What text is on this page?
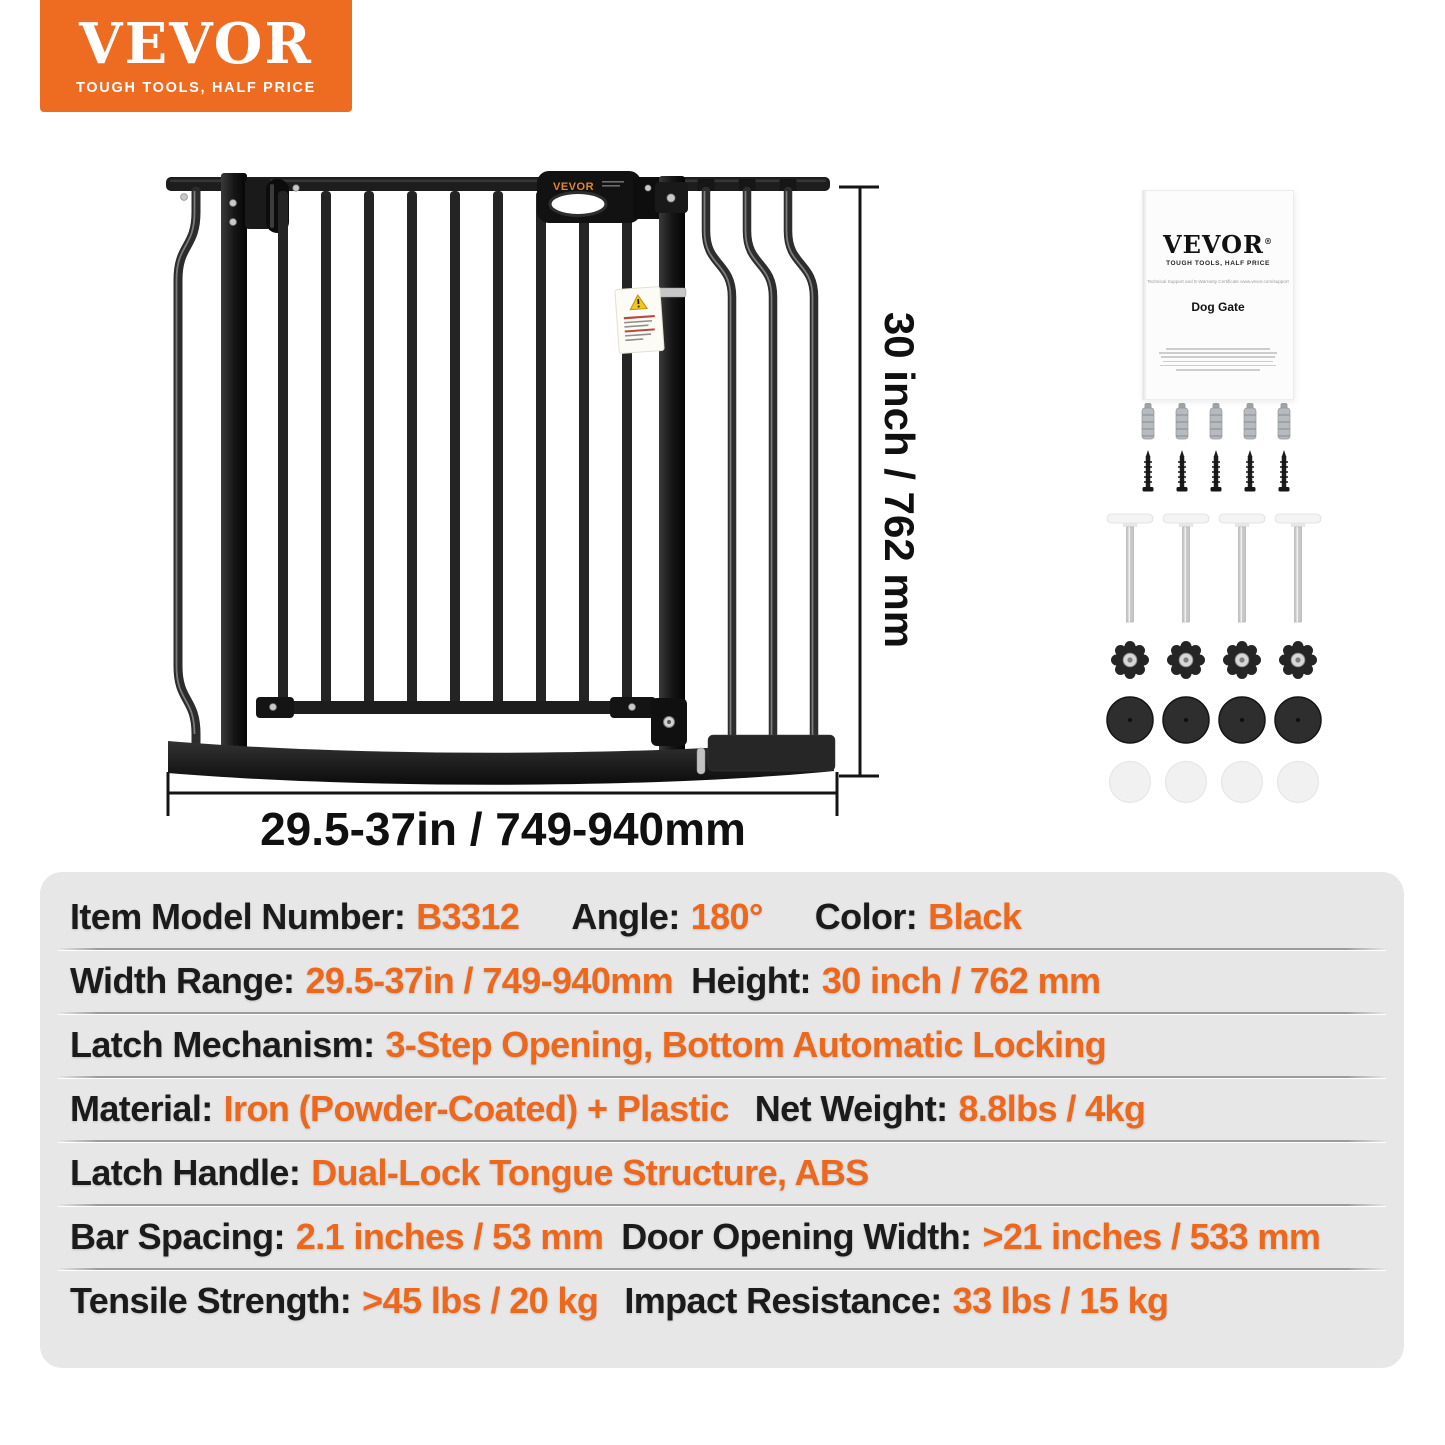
VEVOR
TOUGH TOOLS, HALF PRICE
VEVOR
30 inch / 762 mm
29.5-37in / 749-940mm
VEVOR®
TOUGH TOOLS, HALF PRICE
Technical Support and E-Warranty Certificate www.vevor.com/support
Dog Gate
Item Model Number: B3312 Angle: 180° Color: Black
Width Range: 29.5-37in / 749-940mm Height: 30 inch / 762 mm
Latch Mechanism: 3-Step Opening, Bottom Automatic Locking
Material: Iron (Powder-Coated) + Plastic Net Weight: 8.8lbs / 4kg
Latch Handle: Dual-Lock Tongue Structure, ABS
Bar Spacing: 2.1 inches / 53 mm Door Opening Width: >21 inches / 533 mm
Tensile Strength: >45 lbs / 20 kg Impact Resistance: 33 lbs / 15 kg
